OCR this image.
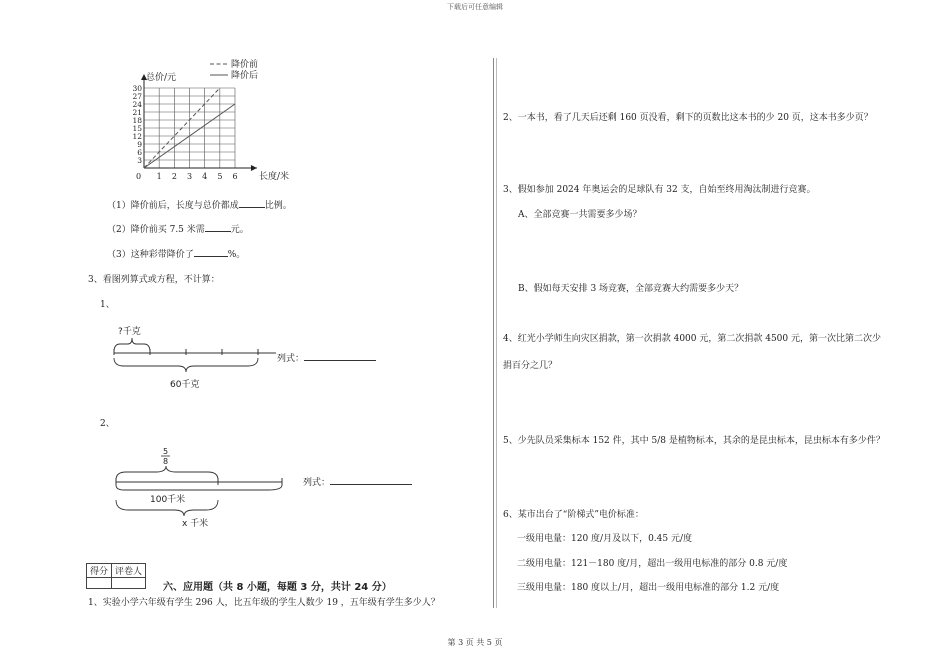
下载后可任意编辑
0 1 2 3 4 5 6
3
6
9
12
15
18
21
24
27
30
降价前
降价后
总价/元
长度/米
（1）降价前后，长度与总价都成	比例。
（2）降价前买 7.5 米需	元。
（3）这种彩带降价了	%。
3、看图列算式或方程，不计算：
1、
?千克
60千克
列式：
2、
5
8
100千米
x 千米
列式：
得分	评卷人

六、应用题（共 8 小题，每题 3 分，共计 24 分）
1、实验小学六年级有学生 296 人，比五年级的学生人数少 19 ，五年级有学生多少人？
2、一本书，看了几天后还剩 160 页没看，剩下的页数比这本书的少 20 页，这本书多少页？
3、假如参加 2024 年奥运会的足球队有 32 支，自始至终用淘汰制进行竞赛。
A、全部竞赛一共需要多少场？
B、假如每天安排 3 场竞赛，全部竞赛大约需要多少天？
4、红光小学师生向灾区捐款，第一次捐款 4000 元，第二次捐款 4500 元，第一次比第二次少
捐百分之几？
5、少先队员采集标本 152 件，其中 5/8 是植物标本，其余的是昆虫标本，昆虫标本有多少件？
6、某市出台了“阶梯式”电价标准：
一级用电量：120 度/月及以下，0.45 元/度
二级用电量：121－180 度/月，超出一级用电标准的部分 0.8 元/度
三级用电量：180 度以上/月，超出一级用电标准的部分 1.2 元/度
第 3 页 共 5 页
